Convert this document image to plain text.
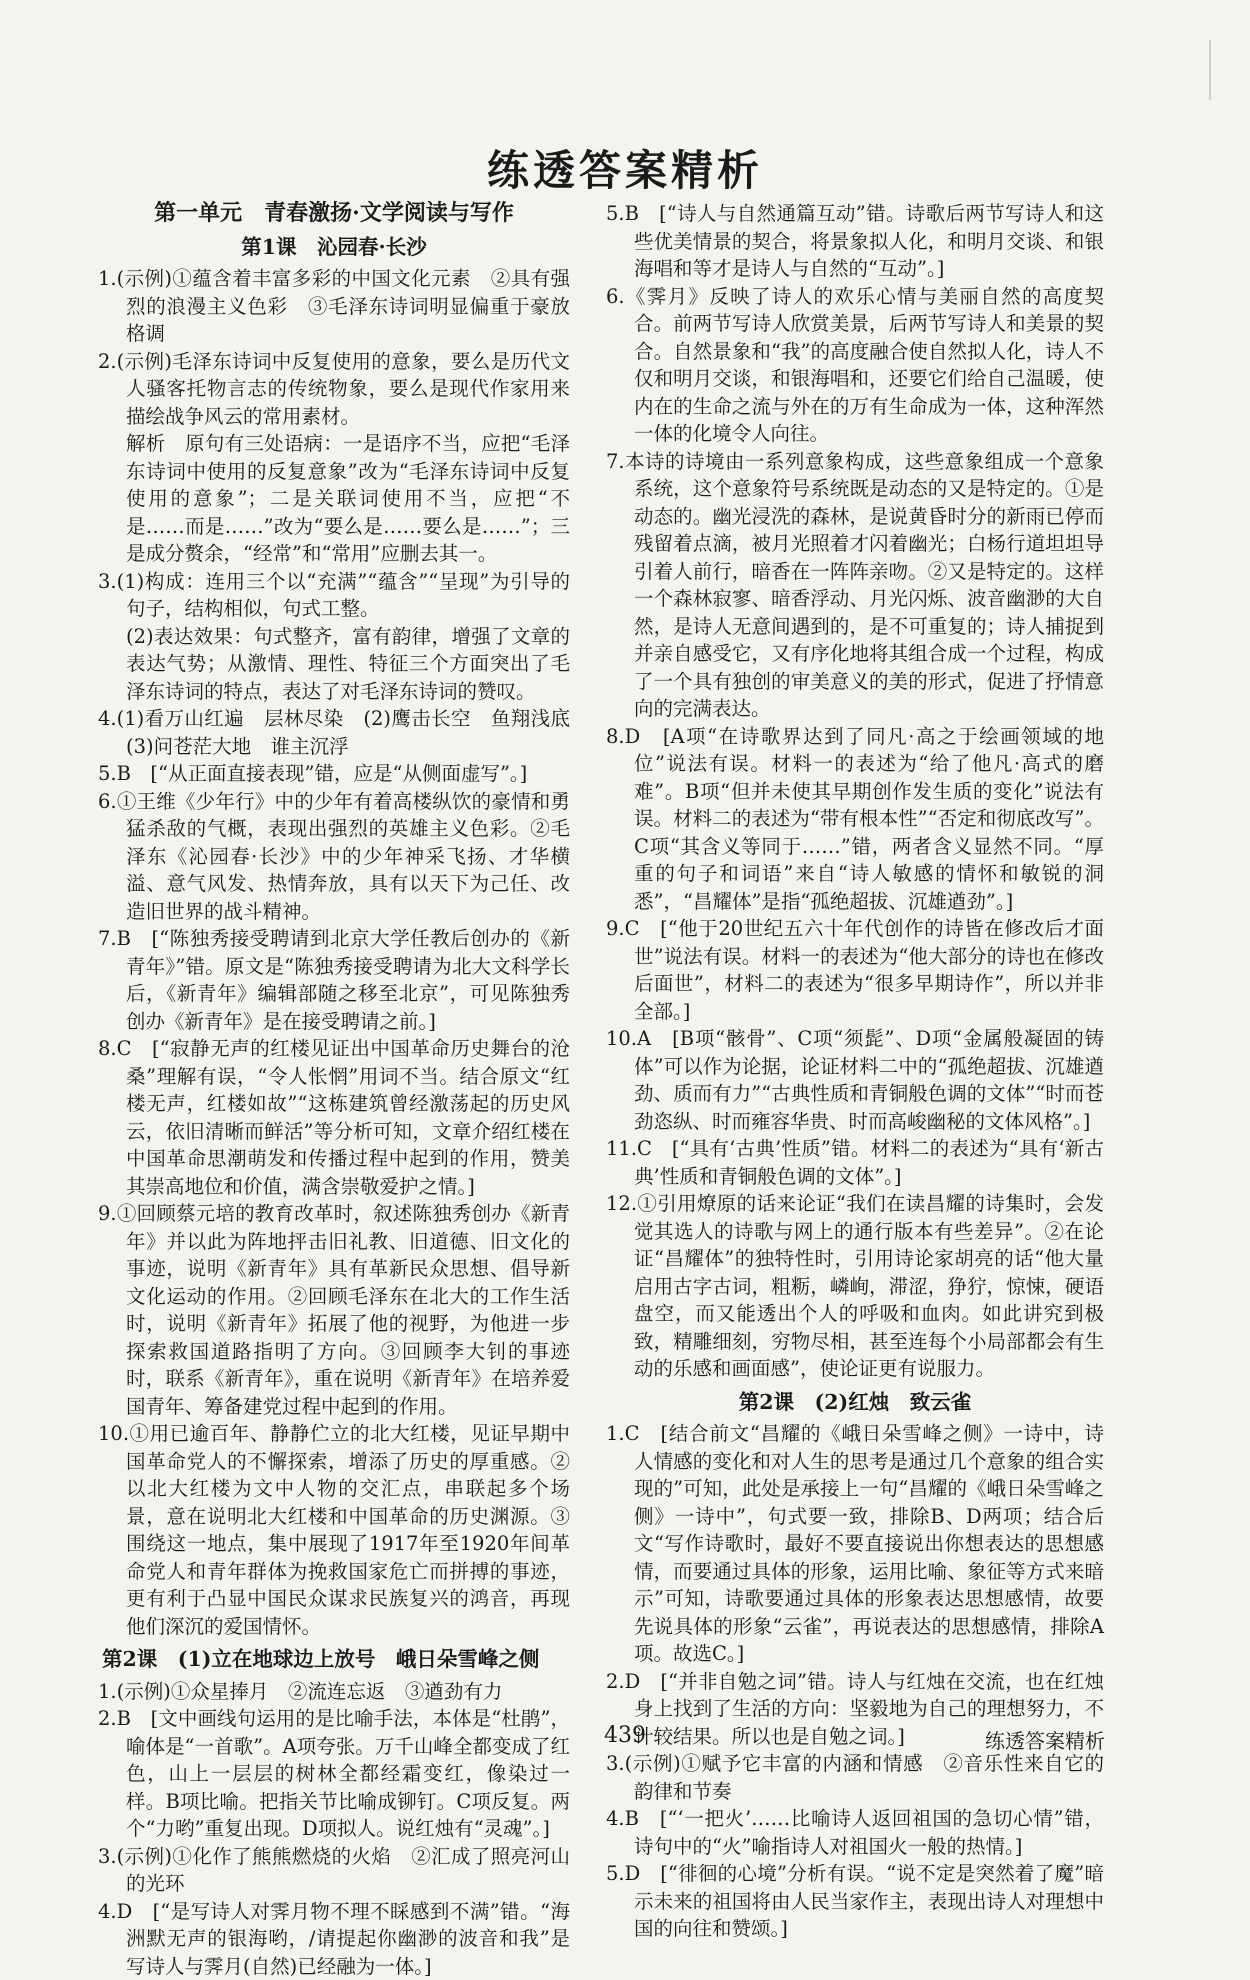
练透答案精析
第一单元　青春激扬·文学阅读与写作
第1课　沁园春·长沙

1.(示例)①蕴含着丰富多彩的中国文化元素　②具有强烈的浪漫主义色彩　③毛泽东诗词明显偏重于豪放格调

2.(示例)毛泽东诗词中反复使用的意象，要么是历代文人骚客托物言志的传统物象，要么是现代作家用来描绘战争风云的常用素材。

解析　原句有三处语病：一是语序不当，应把“毛泽东诗词中使用的反复意象”改为“毛泽东诗词中反复使用的意象”；二是关联词使用不当，应把“不是……而是……”改为“要么是……要么是……”；三是成分赘余，“经常”和“常用”应删去其一。

3.(1)构成：连用三个以“充满”“蕴含”“呈现”为引导的句子，结构相似，句式工整。

(2)表达效果：句式整齐，富有韵律，增强了文章的表达气势；从激情、理性、特征三个方面突出了毛泽东诗词的特点，表达了对毛泽东诗词的赞叹。

4.(1)看万山红遍　层林尽染　(2)鹰击长空　鱼翔浅底　(3)问苍茫大地　谁主沉浮

5.B　[“从正面直接表现”错，应是“从侧面虚写”。]

6.①王维《少年行》中的少年有着高楼纵饮的豪情和勇猛杀敌的气概，表现出强烈的英雄主义色彩。②毛泽东《沁园春·长沙》中的少年神采飞扬、才华横溢、意气风发、热情奔放，具有以天下为己任、改造旧世界的战斗精神。

7.B　[“陈独秀接受聘请到北京大学任教后创办的《新青年》”错。原文是“陈独秀接受聘请为北大文科学长后，《新青年》编辑部随之移至北京”，可见陈独秀创办《新青年》是在接受聘请之前。]

8.C　[“寂静无声的红楼见证出中国革命历史舞台的沧桑”理解有误，“令人怅惘”用词不当。结合原文“红楼无声，红楼如故”“这栋建筑曾经激荡起的历史风云，依旧清晰而鲜活”等分析可知，文章介绍红楼在中国革命思潮萌发和传播过程中起到的作用，赞美其崇高地位和价值，满含崇敬爱护之情。]

9.①回顾蔡元培的教育改革时，叙述陈独秀创办《新青年》并以此为阵地抨击旧礼教、旧道德、旧文化的事迹，说明《新青年》具有革新民众思想、倡导新文化运动的作用。②回顾毛泽东在北大的工作生活时，说明《新青年》拓展了他的视野，为他进一步探索救国道路指明了方向。③回顾李大钊的事迹时，联系《新青年》，重在说明《新青年》在培养爱国青年、筹备建党过程中起到的作用。

10.①用已逾百年、静静伫立的北大红楼，见证早期中国革命党人的不懈探索，增添了历史的厚重感。②以北大红楼为文中人物的交汇点，串联起多个场景，意在说明北大红楼和中国革命的历史渊源。③围绕这一地点，集中展现了1917年至1920年间革命党人和青年群体为挽救国家危亡而拼搏的事迹，更有利于凸显中国民众谋求民族复兴的鸿音，再现他们深沉的爱国情怀。

第2课　(1)立在地球边上放号　峨日朵雪峰之侧

1.(示例)①众星捧月　②流连忘返　③遒劲有力

2.B　[文中画线句运用的是比喻手法，本体是“杜鹃”，喻体是“一首歌”。A项夸张。万千山峰全都变成了红色，山上一层层的树林全都经霜变红，像染过一样。B项比喻。把指关节比喻成铆钉。C项反复。两个“力哟”重复出现。D项拟人。说红烛有“灵魂”。]

3.(示例)①化作了熊熊燃烧的火焰　②汇成了照亮河山的光环

4.D　[“是写诗人对霁月物不理不睬感到不满”错。“海洲默无声的银海哟，/请提起你幽渺的波音和我”是写诗人与霁月(自然)已经融为一体。]

5.B　[“诗人与自然通篇互动”错。诗歌后两节写诗人和这些优美情景的契合，将景象拟人化，和明月交谈、和银海唱和等才是诗人与自然的“互动”。]

6.《霁月》反映了诗人的欢乐心情与美丽自然的高度契合。前两节写诗人欣赏美景，后两节写诗人和美景的契合。自然景象和“我”的高度融合使自然拟人化，诗人不仅和明月交谈，和银海唱和，还要它们给自己温暖，使内在的生命之流与外在的万有生命成为一体，这种浑然一体的化境令人向往。

7.本诗的诗境由一系列意象构成，这些意象组成一个意象系统，这个意象符号系统既是动态的又是特定的。①是动态的。幽光浸洗的森林，是说黄昏时分的新雨已停而残留着点滴，被月光照着才闪着幽光；白杨行道坦坦导引着人前行，暗香在一阵阵亲吻。②又是特定的。这样一个森林寂寥、暗香浮动、月光闪烁、波音幽渺的大自然，是诗人无意间遇到的，是不可重复的；诗人捕捉到并亲自感受它，又有序化地将其组合成一个过程，构成了一个具有独创的审美意义的美的形式，促进了抒情意向的完满表达。

8.D　[A项“在诗歌界达到了同凡·高之于绘画领域的地位”说法有误。材料一的表述为“给了他凡·高式的磨难”。B项“但并未使其早期创作发生质的变化”说法有误。材料二的表述为“带有根本性”“否定和彻底改写”。C项“其含义等同于……”错，两者含义显然不同。“厚重的句子和词语”来自“诗人敏感的情怀和敏锐的洞悉”，“昌耀体”是指“孤绝超拔、沉雄遒劲”。]

9.C　[“他于20世纪五六十年代创作的诗皆在修改后才面世”说法有误。材料一的表述为“他大部分的诗也在修改后面世”，材料二的表述为“很多早期诗作”，所以并非全部。]

10.A　[B项“骸骨”、C项“须髭”、D项“金属般凝固的铸体”可以作为论据，论证材料二中的“孤绝超拔、沉雄遒劲、质而有力”“古典性质和青铜般色调的文体”“时而苍劲恣纵、时而雍容华贵、时而高峻幽秘的文体风格”。]

11.C　[“具有‘古典’性质”错。材料二的表述为“具有‘新古典’性质和青铜般色调的文体”。]

12.①引用燎原的话来论证“我们在读昌耀的诗集时，会发觉其选人的诗歌与网上的通行版本有些差异”。②在论证“昌耀体”的独特性时，引用诗论家胡亮的话“他大量启用古字古词，粗粝，嶙峋，滞涩，狰狞，惊悚，硬语盘空，而又能透出个人的呼吸和血肉。如此讲究到极致，精雕细刻，穷物尽相，甚至连每个小局部都会有生动的乐感和画面感”，使论证更有说服力。

第2课　(2)红烛　致云雀

1.C　[结合前文“昌耀的《峨日朵雪峰之侧》一诗中，诗人情感的变化和对人生的思考是通过几个意象的组合实现的”可知，此处是承接上一句“昌耀的《峨日朵雪峰之侧》一诗中”，句式要一致，排除B、D两项；结合后文“写作诗歌时，最好不要直接说出你想表达的思想感情，而要通过具体的形象，运用比喻、象征等方式来暗示”可知，诗歌要通过具体的形象表达思想感情，故要先说具体的形象“云雀”，再说表达的思想感情，排除A项。故选C。]

2.D　[“并非自勉之词”错。诗人与红烛在交流，也在红烛身上找到了生活的方向：坚毅地为自己的理想努力，不计较结果。所以也是自勉之词。]

3.(示例)①赋予它丰富的内涵和情感　②音乐性来自它的韵律和节奏

4.B　[“‘一把火’……比喻诗人返回祖国的急切心情”错，诗句中的“火”喻指诗人对祖国火一般的热情。]

5.D　[“徘徊的心境”分析有误。“说不定是突然着了魔”暗示未来的祖国将由人民当家作主，表现出诗人对理想中国的向往和赞颂。]

439	练透答案精析
